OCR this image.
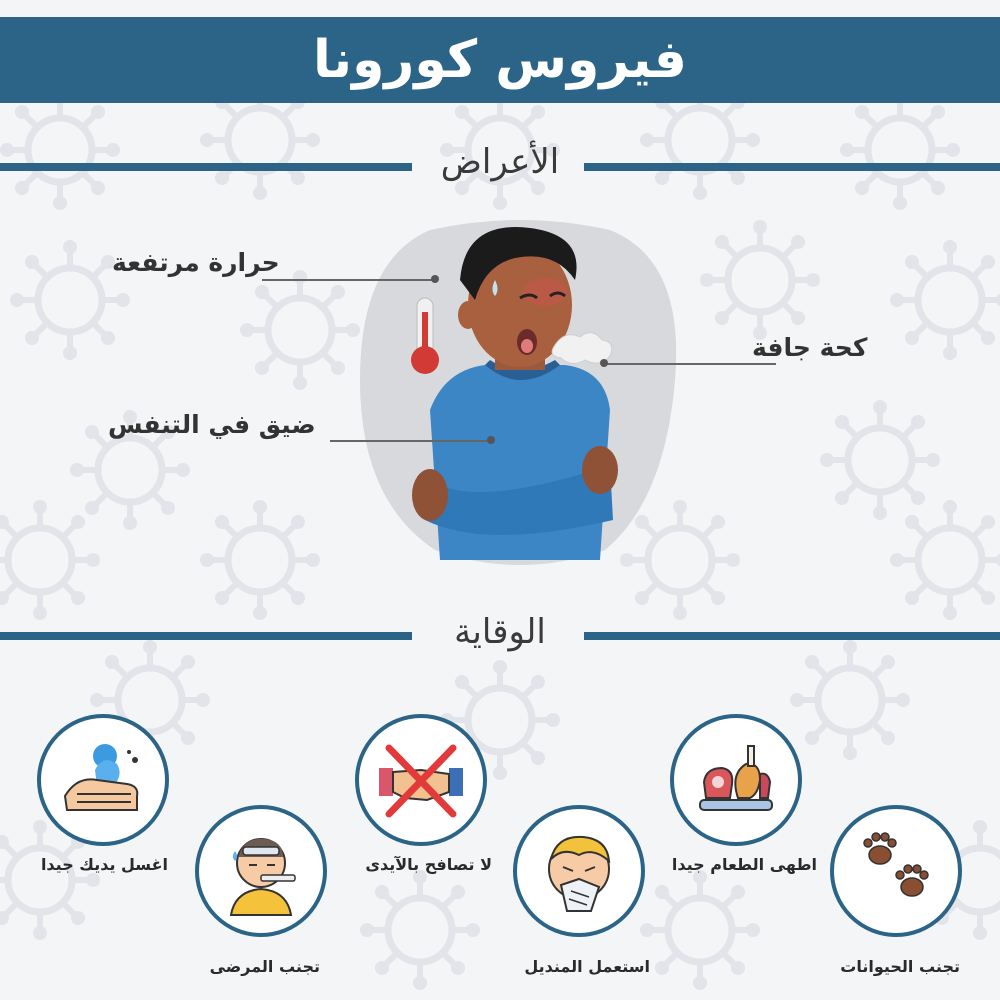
فيروس كورونا
الأعراض
حرارة مرتفعة
كحة جافة
ضيق في التنفس
الوقاية
اغسل يديك جيدا	لا تصافح بالآيدى	اطهى الطعام جيدا
تجنب المرضى	استعمل المنديل	تجنب الحيوانات
